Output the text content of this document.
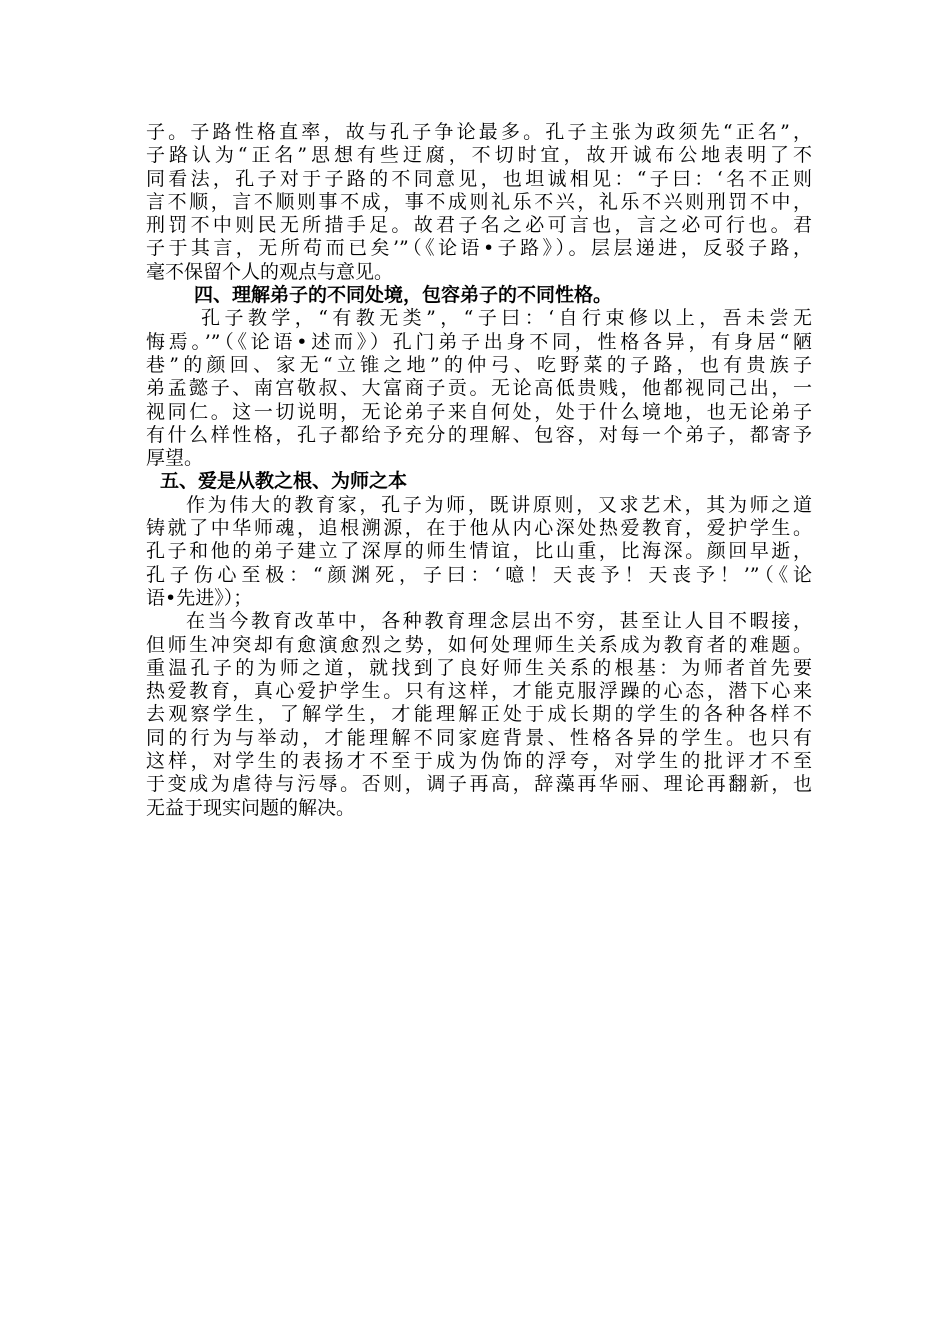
子。子路性格直率，故与孔子争论最多。孔子主张为政须先“正名”，
子路认为“正名”思想有些迂腐，不切时宜，故开诚布公地表明了不
同看法，孔子对于子路的不同意见，也坦诚相见：“子曰：‘名不正则
言不顺，言不顺则事不成，事不成则礼乐不兴，礼乐不兴则刑罚不中，
刑罚不中则民无所措手足。故君子名之必可言也，言之必可行也。君
子于其言，无所苟而已矣’”（《论语•子路》）。层层递进，反驳子路，
毫不保留个人的观点与意见。
四、理解弟子的不同处境，包容弟子的不同性格。
孔子教学，“有教无类”，“子曰：‘自行束修以上，吾未尝无
悔焉。’”（《论语•述而》）孔门弟子出身不同，性格各异，有身居“陋
巷”的颜回、家无“立锥之地”的仲弓、吃野菜的子路，也有贵族子
弟孟懿子、南宫敬叔、大富商子贡。无论高低贵贱，他都视同己出，一
视同仁。这一切说明，无论弟子来自何处，处于什么境地，也无论弟子
有什么样性格，孔子都给予充分的理解、包容，对每一个弟子，都寄予
厚望。
五、爱是从教之根、为师之本
作为伟大的教育家，孔子为师，既讲原则，又求艺术，其为师之道
铸就了中华师魂，追根溯源，在于他从内心深处热爱教育，爱护学生。
孔子和他的弟子建立了深厚的师生情谊，比山重，比海深。颜回早逝，
孔子伤心至极：“颜渊死，子曰：‘噫！天丧予！天丧予！’”（《论
语•先进》）；
在当今教育改革中，各种教育理念层出不穷，甚至让人目不暇接，
但师生冲突却有愈演愈烈之势，如何处理师生关系成为教育者的难题。
重温孔子的为师之道，就找到了良好师生关系的根基：为师者首先要
热爱教育，真心爱护学生。只有这样，才能克服浮躁的心态，潜下心来
去观察学生，了解学生，才能理解正处于成长期的学生的各种各样不
同的行为与举动，才能理解不同家庭背景、性格各异的学生。也只有
这样，对学生的表扬才不至于成为伪饰的浮夸，对学生的批评才不至
于变成为虐待与污辱。否则，调子再高，辞藻再华丽、理论再翻新，也
无益于现实问题的解决。
